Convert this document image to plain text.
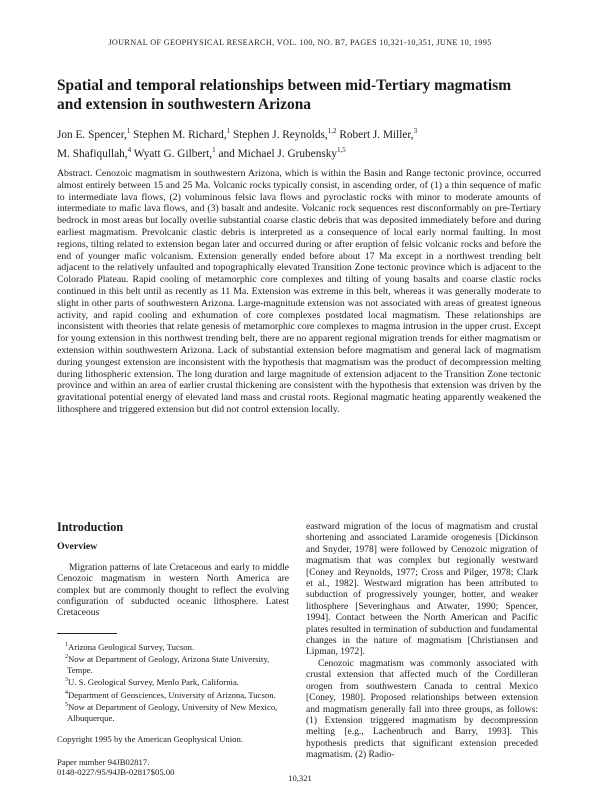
JOURNAL OF GEOPHYSICAL RESEARCH, VOL. 100, NO. B7, PAGES 10,321-10,351, JUNE 10, 1995
Spatial and temporal relationships between mid-Tertiary magmatism and extension in southwestern Arizona
Jon E. Spencer,$^1$ Stephen M. Richard,$^1$ Stephen J. Reynolds,$^{1,2}$ Robert J. Miller,$^3$
M. Shafiqullah,$^4$ Wyatt G. Gilbert,$^1$ and Michael J. Grubensky$^{1,5}$
Abstract. Cenozoic magmatism in southwestern Arizona, which is within the Basin and Range tectonic province, occurred almost entirely between 15 and 25 Ma. Volcanic rocks typically consist, in ascending order, of (1) a thin sequence of mafic to intermediate lava flows, (2) voluminous felsic lava flows and pyroclastic rocks with minor to moderate amounts of intermediate to mafic lava flows, and (3) basalt and andesite. Volcanic rock sequences rest disconformably on pre-Tertiary bedrock in most areas but locally overlie substantial coarse clastic debris that was deposited immediately before and during earliest magmatism. Prevolcanic clastic debris is interpreted as a consequence of local early normal faulting. In most regions, tilting related to extension began later and occurred during or after eruption of felsic volcanic rocks and before the end of younger mafic volcanism. Extension generally ended before about 17 Ma except in a northwest trending belt adjacent to the relatively unfaulted and topographically elevated Transition Zone tectonic province which is adjacent to the Colorado Plateau. Rapid cooling of metamorphic core complexes and tilting of young basalts and coarse clastic rocks continued in this belt until as recently as 11 Ma. Extension was extreme in this belt, whereas it was generally moderate to slight in other parts of southwestern Arizona. Large-magnitude extension was not associated with areas of greatest igneous activity, and rapid cooling and exhumation of core complexes postdated local magmatism. These relationships are inconsistent with theories that relate genesis of metamorphic core complexes to magma intrusion in the upper crust. Except for young extension in this northwest trending belt, there are no apparent regional migration trends for either magmatism or extension within southwestern Arizona. Lack of substantial extension before magmatism and general lack of magmatism during youngest extension are inconsistent with the hypothesis that magmatism was the product of decompression melting during lithospheric extension. The long duration and large magnitude of extension adjacent to the Transition Zone tectonic province and within an area of earlier crustal thickening are consistent with the hypothesis that extension was driven by the gravitational potential energy of elevated land mass and crustal roots. Regional magmatic heating apparently weakened the lithosphere and triggered extension but did not control extension locally.
Introduction
Overview

Migration patterns of late Cretaceous and early to middle Cenozoic magmatism in western North America are complex but are commonly thought to reflect the evolving configuration of subducted oceanic lithosphere. Latest Cretaceous

$^1$Arizona Geological Survey, Tucson.

$^2$Now at Department of Geology, Arizona State University, Tempe.

$^3$U. S. Geological Survey, Menlo Park, California.

$^4$Department of Geosciences, University of Arizona, Tucson.

$^5$Now at Department of Geology, University of New Mexico, Albuquerque.

Copyright 1995 by the American Geophysical Union.

Paper number 94JB02817.
0148-0227/95/94JB-02817$05.00

eastward migration of the locus of magmatism and crustal shortening and associated Laramide orogenesis [Dickinson and Snyder, 1978] were followed by Cenozoic migration of magmatism that was complex but regionally westward [Coney and Reynolds, 1977; Cross and Pilger, 1978; Clark et al., 1982]. Westward migration has been attributed to subduction of progressively younger, hotter, and weaker lithosphere [Severinghaus and Atwater, 1990; Spencer, 1994]. Contact between the North American and Pacific plates resulted in termination of subduction and fundamental changes in the nature of magmatism [Christiansen and Lipman, 1972].

Cenozoic magmatism was commonly associated with crustal extension that affected much of the Cordilleran orogen from southwestern Canada to central Mexico [Coney, 1980]. Proposed relationships between extension and magmatism generally fall into three groups, as follows: (1) Extension triggered magmatism by decompression melting [e.g., Lachenbruch and Barry, 1993]. This hypothesis predicts that significant extension preceded magmatism. (2) Radio-

10,321
